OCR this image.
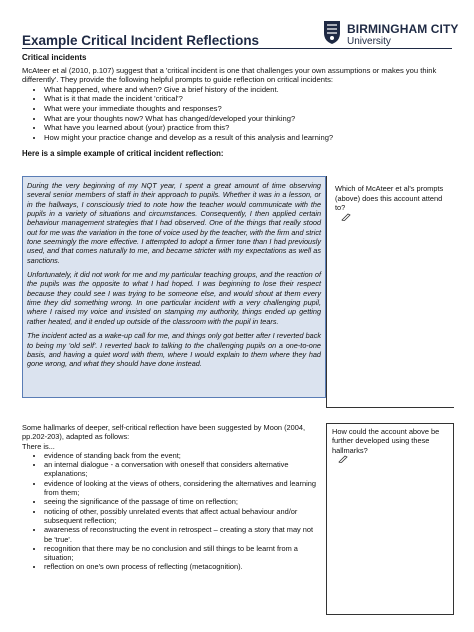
Example Critical Incident Reflections
BIRMINGHAM CITY
University
Critical incidents

McAteer et al (2010, p.107) suggest that a 'critical incident is one that challenges your own assumptions or makes you think differently'. They provide the following helpful prompts to guide reflection on critical incidents:

• What happened, where and when? Give a brief history of the incident.
• What is it that made the incident 'critical'?
• What were your immediate thoughts and responses?
• What are your thoughts now? What has changed/developed your thinking?
• What have you learned about (your) practice from this?
• How might your practice change and develop as a result of this analysis and learning?
Here is a simple example of critical incident reflection:

During the very beginning of my NQT year, I spent a great amount of time observing several senior members of staff in their approach to pupils. Whether it was in a lesson, or in the hallways, I consciously tried to note how the teacher would communicate with the pupils in a variety of situations and circumstances. Consequently, I then applied certain behaviour management strategies that I had observed. One of the things that really stood out for me was the variation in the tone of voice used by the teacher, with the firm and strict tone seemingly the more effective. I attempted to adopt a firmer tone than I had previously used, and that comes naturally to me, and became stricter with my expectations as well as sanctions.

Unfortunately, it did not work for me and my particular teaching groups, and the reaction of the pupils was the opposite to what I had hoped. I was beginning to lose their respect because they could see I was trying to be someone else, and would shout at them every time they did something wrong. In one particular incident with a very challenging pupil, where I raised my voice and insisted on stamping my authority, things ended up getting rather heated, and it ended up outside of the classroom with the pupil in tears.

The incident acted as a wake-up call for me, and things only got better after I reverted back to being my 'old self'. I reverted back to talking to the challenging pupils on a one-to-one basis, and having a quiet word with them, where I would explain to them where they had gone wrong, and what they should have done instead.

Which of McAteer et al's prompts (above) does this account attend to?

Some hallmarks of deeper, self-critical reflection have been suggested by Moon (2004, pp.202-203), adapted as follows:
There is...
• evidence of standing back from the event;
• an internal dialogue - a conversation with oneself that considers alternative explanations;
• evidence of looking at the views of others, considering the alternatives and learning from them;
• seeing the significance of the passage of time on reflection;
• noticing of other, possibly unrelated events that affect actual behaviour and/or subsequent reflection;
• awareness of reconstructing the event in retrospect – creating a story that may not be 'true'.
• recognition that there may be no conclusion and still things to be learnt from a situation;
• reflection on one's own process of reflecting (metacognition).
How could the account above be further developed using these hallmarks?
